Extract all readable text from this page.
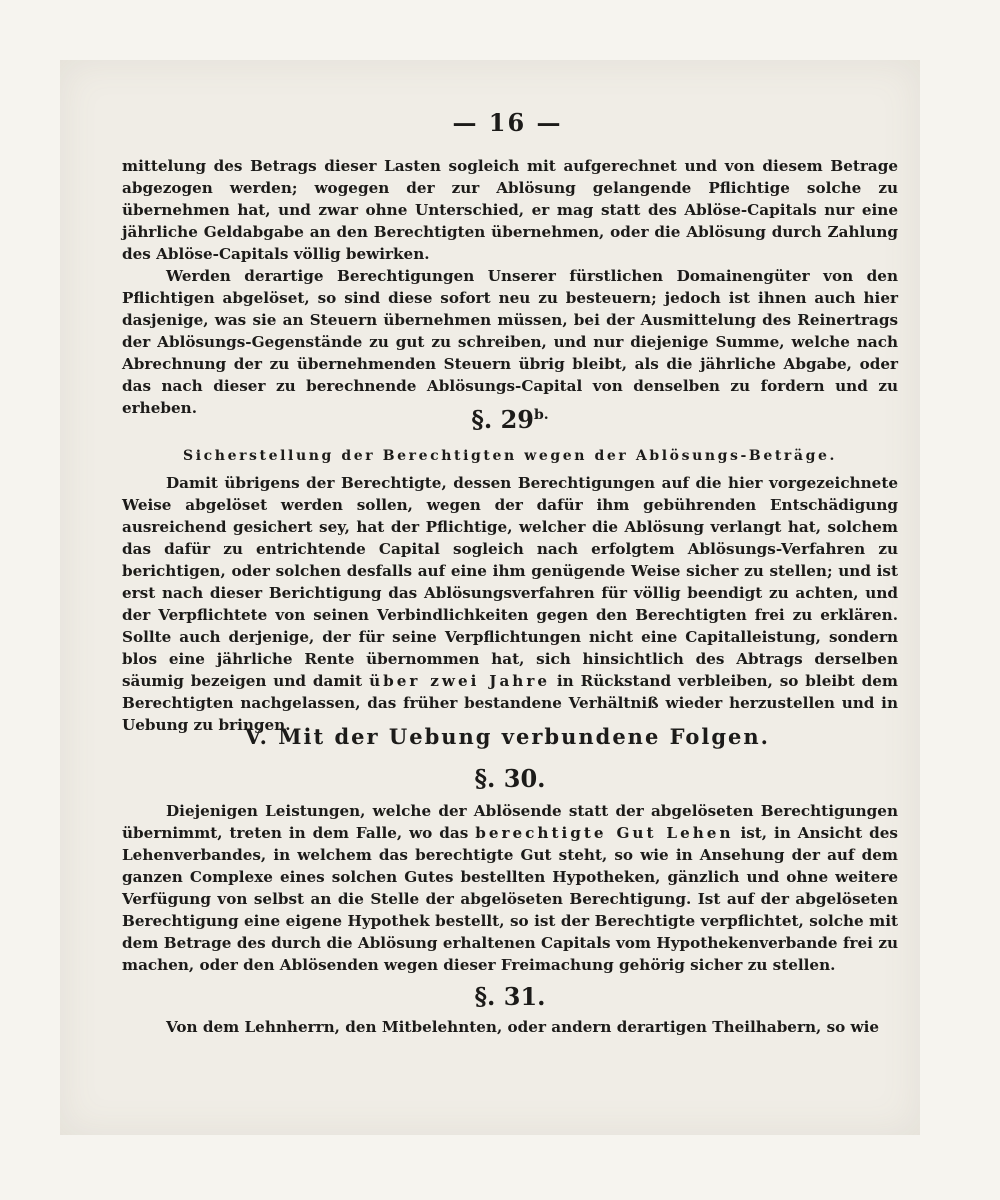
— 16 —

mittelung des Betrags dieser Lasten sogleich mit aufgerechnet und von diesem Betrage abgezogen werden; wogegen der zur Ablösung gelangende Pflichtige solche zu übernehmen hat, und zwar ohne Unterschied, er mag statt des Ablöse-Capitals nur eine jährliche Geldabgabe an den Berechtigten übernehmen, oder die Ablösung durch Zahlung des Ablöse-Capitals völlig bewirken.

Werden derartige Berechtigungen Unserer fürstlichen Domainengüter von den Pflichtigen abgelöset, so sind diese sofort neu zu besteuern; jedoch ist ihnen auch hier dasjenige, was sie an Steuern übernehmen müssen, bei der Ausmittelung des Reinertrags der Ablösungs-Gegenstände zu gut zu schreiben, und nur diejenige Summe, welche nach Abrechnung der zu übernehmenden Steuern übrig bleibt, als die jährliche Abgabe, oder das nach dieser zu berechnende Ablösungs-Capital von denselben zu fordern und zu erheben.	§. $29^{b.}$
Sicherstellung der Berechtigten wegen der Ablösungs-Beträge.

Damit übrigens der Berechtigte, dessen Berechtigungen auf die hier vorgezeichnete Weise abgelöset werden sollen, wegen der dafür ihm gebührenden Entschädigung ausreichend gesichert sey, hat der Pflichtige, welcher die Ablösung verlangt hat, solchem das dafür zu entrichtende Capital sogleich nach erfolgtem Ablösungs-Verfahren zu berichtigen, oder solchen desfalls auf eine ihm genügende Weise sicher zu stellen; und ist erst nach dieser Berichtigung das Ablösungsverfahren für völlig beendigt zu achten, und der Verpflichtete von seinen Verbindlichkeiten gegen den Berechtigten frei zu erklären. Sollte auch derjenige, der für seine Verpflichtungen nicht eine Capitalleistung, sondern blos eine jährliche Rente übernommen hat, sich hinsichtlich des Abtrags derselben säumig bezeigen und damit über zwei Jahre in Rückstand verbleiben, so bleibt dem Berechtigten nachgelassen, das früher bestandene Verhältniß wieder herzustellen und in Uebung zu bringen.

V. Mit der Uebung verbundene Folgen.
§. 30.

Diejenigen Leistungen, welche der Ablösende statt der abgelöseten Berechtigungen übernimmt, treten in dem Falle, wo das berechtigte Gut Lehen ist, in Ansicht des Lehenverbandes, in welchem das berechtigte Gut steht, so wie in Ansehung der auf dem ganzen Complexe eines solchen Gutes bestellten Hypotheken, gänzlich und ohne weitere Verfügung von selbst an die Stelle der abgelöseten Berechtigung. Ist auf der abgelöseten Berechtigung eine eigene Hypothek bestellt, so ist der Berechtigte verpflichtet, solche mit dem Betrage des durch die Ablösung erhaltenen Capitals vom Hypothekenverbande frei zu machen, oder den Ablösenden wegen dieser Freimachung gehörig sicher zu stellen.

§. 31.

Von dem Lehnherrn, den Mitbelehnten, oder andern derartigen Theilhabern, so wie
